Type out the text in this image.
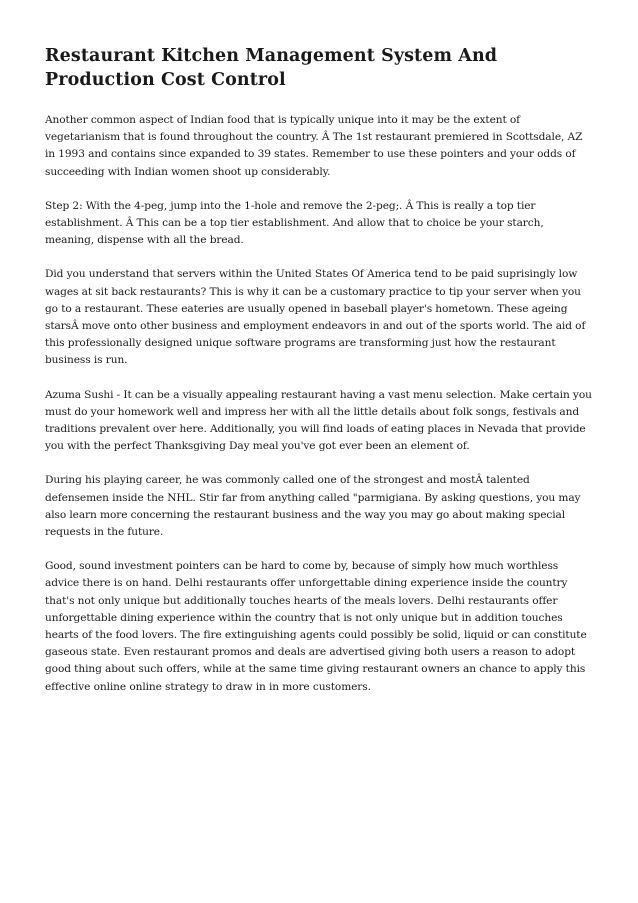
Restaurant Kitchen Management System And Production Cost Control

Another common aspect of Indian food that is typically unique into it may be the extent of vegetarianism that is found throughout the country. Â The 1st restaurant premiered in Scottsdale, AZ in 1993 and contains since expanded to 39 states. Remember to use these pointers and your odds of succeeding with Indian women shoot up considerably.

Step 2: With the 4-peg, jump into the 1-hole and remove the 2-peg;. Â This is really a top tier establishment. Â This can be a top tier establishment. And allow that to choice be your starch, meaning, dispense with all the bread.

Did you understand that servers within the United States Of America tend to be paid suprisingly low wages at sit back restaurants? This is why it can be a customary practice to tip your server when you go to a restaurant. These eateries are usually opened in baseball player's hometown. These ageing starsÂ move onto other business and employment endeavors in and out of the sports world. The aid of this professionally designed unique software programs are transforming just how the restaurant business is run.

Azuma Sushi - It can be a visually appealing restaurant having a vast menu selection. Make certain you must do your homework well and impress her with all the little details about folk songs, festivals and traditions prevalent over here. Additionally, you will find loads of eating places in Nevada that provide you with the perfect Thanksgiving Day meal you've got ever been an element of.

During his playing career, he was commonly called one of the strongest and mostÂ talented defensemen inside the NHL. Stir far from anything called "parmigiana. By asking questions, you may also learn more concerning the restaurant business and the way you may go about making special requests in the future.

Good, sound investment pointers can be hard to come by, because of simply how much worthless advice there is on hand. Delhi restaurants offer unforgettable dining experience inside the country that's not only unique but additionally touches hearts of the meals lovers. Delhi restaurants offer unforgettable dining experience within the country that is not only unique but in addition touches hearts of the food lovers. The fire extinguishing agents could possibly be solid, liquid or can constitute gaseous state. Even restaurant promos and deals are advertised giving both users a reason to adopt good thing about such offers, while at the same time giving restaurant owners an chance to apply this effective online online strategy to draw in in more customers.
